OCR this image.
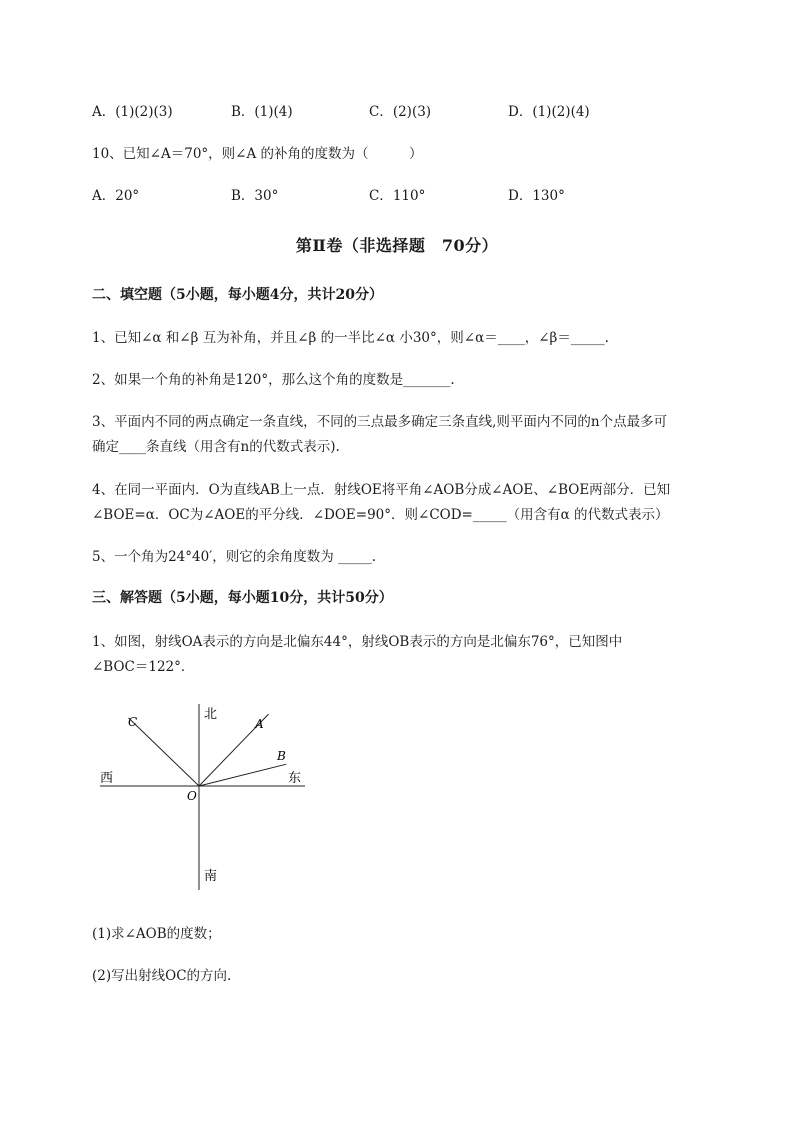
A．(1)(2)(3)	B．(1)(4)	C．(2)(3)	D．(1)(2)(4)
10、已知∠A＝70°，则∠A 的补角的度数为（　　　）
A．20°	B．30°	C．110°	D．130°
第Ⅱ卷（非选择题　70分）
二、填空题（5小题，每小题4分，共计20分）
1、已知∠α 和∠β 互为补角，并且∠β 的一半比∠α 小30°，则∠α＝____，∠β＝_____.
2、如果一个角的补角是120°，那么这个角的度数是_______.
3、平面内不同的两点确定一条直线，不同的三点最多确定三条直线,则平面内不同的n个点最多可
确定____条直线（用含有n的代数式表示).
4、在同一平面内．O为直线AB上一点．射线OE将平角∠AOB分成∠AOE、∠BOE两部分．已知
∠BOE=α．OC为∠AOE的平分线．∠DOE=90°．则∠COD=_____（用含有α 的代数式表示）
5、一个角为24°40′，则它的余角度数为 _____.
三、解答题（5小题，每小题10分，共计50分）
1、如图，射线OA表示的方向是北偏东44°，射线OB表示的方向是北偏东76°，已知图中
∠BOC＝122°．
北
南
东
西
O
A
B
C
(1)求∠AOB的度数；
(2)写出射线OC的方向.
